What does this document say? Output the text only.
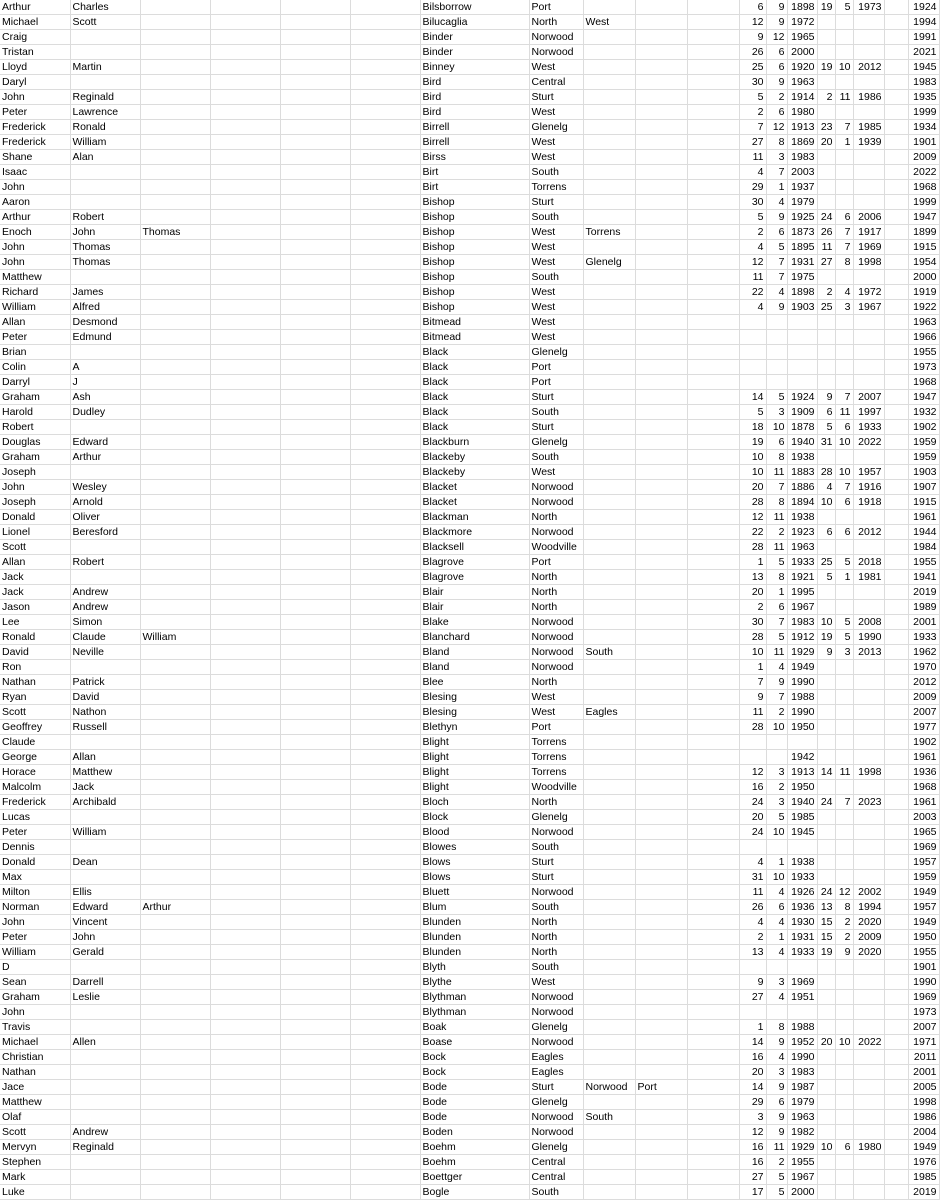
Arthur	Charles					Bilsborrow	Port				6	9	1898	19	5	1973		1924
Michael	Scott					Bilucaglia	North	West			12	9	1972					1994
Craig						Binder	Norwood				9	12	1965					1991
Tristan						Binder	Norwood				26	6	2000					2021
Lloyd	Martin					Binney	West				25	6	1920	19	10	2012		1945
Daryl						Bird	Central				30	9	1963					1983
John	Reginald					Bird	Sturt				5	2	1914	2	11	1986		1935
Peter	Lawrence					Bird	West				2	6	1980					1999
Frederick	Ronald					Birrell	Glenelg				7	12	1913	23	7	1985		1934
Frederick	William					Birrell	West				27	8	1869	20	1	1939		1901
Shane	Alan					Birss	West				11	3	1983					2009
Isaac						Birt	South				4	7	2003					2022
John						Birt	Torrens				29	1	1937					1968
Aaron						Bishop	Sturt				30	4	1979					1999
Arthur	Robert					Bishop	South				5	9	1925	24	6	2006		1947
Enoch	John	Thomas				Bishop	West	Torrens			2	6	1873	26	7	1917		1899
John	Thomas					Bishop	West				4	5	1895	11	7	1969		1915
John	Thomas					Bishop	West	Glenelg			12	7	1931	27	8	1998		1954
Matthew						Bishop	South				11	7	1975					2000
Richard	James					Bishop	West				22	4	1898	2	4	1972		1919
William	Alfred					Bishop	West				4	9	1903	25	3	1967		1922
Allan	Desmond					Bitmead	West											1963
Peter	Edmund					Bitmead	West											1966
Brian						Black	Glenelg											1955
Colin	A					Black	Port											1973
Darryl	J					Black	Port											1968
Graham	Ash					Black	Sturt				14	5	1924	9	7	2007		1947
Harold	Dudley					Black	South				5	3	1909	6	11	1997		1932
Robert						Black	Sturt				18	10	1878	5	6	1933		1902
Douglas	Edward					Blackburn	Glenelg				19	6	1940	31	10	2022		1959
Graham	Arthur					Blackeby	South				10	8	1938					1959
Joseph						Blackeby	West				10	11	1883	28	10	1957		1903
John	Wesley					Blacket	Norwood				20	7	1886	4	7	1916		1907
Joseph	Arnold					Blacket	Norwood				28	8	1894	10	6	1918		1915
Donald	Oliver					Blackman	North				12	11	1938					1961
Lionel	Beresford					Blackmore	Norwood				22	2	1923	6	6	2012		1944
Scott						Blacksell	Woodville				28	11	1963					1984
Allan	Robert					Blagrove	Port				1	5	1933	25	5	2018		1955
Jack						Blagrove	North				13	8	1921	5	1	1981		1941
Jack	Andrew					Blair	North				20	1	1995					2019
Jason	Andrew					Blair	North				2	6	1967					1989
Lee	Simon					Blake	Norwood				30	7	1983	10	5	2008		2001
Ronald	Claude	William				Blanchard	Norwood				28	5	1912	19	5	1990		1933
David	Neville					Bland	Norwood	South			10	11	1929	9	3	2013		1962
Ron						Bland	Norwood				1	4	1949					1970
Nathan	Patrick					Blee	North				7	9	1990					2012
Ryan	David					Blesing	West				9	7	1988					2009
Scott	Nathon					Blesing	West	Eagles			11	2	1990					2007
Geoffrey	Russell					Blethyn	Port				28	10	1950					1977
Claude						Blight	Torrens											1902
George	Allan					Blight	Torrens						1942					1961
Horace	Matthew					Blight	Torrens				12	3	1913	14	11	1998		1936
Malcolm	Jack					Blight	Woodville				16	2	1950					1968
Frederick	Archibald					Bloch	North				24	3	1940	24	7	2023		1961
Lucas						Block	Glenelg				20	5	1985					2003
Peter	William					Blood	Norwood				24	10	1945					1965
Dennis						Blowes	South											1969
Donald	Dean					Blows	Sturt				4	1	1938					1957
Max						Blows	Sturt				31	10	1933					1959
Milton	Ellis					Bluett	Norwood				11	4	1926	24	12	2002		1949
Norman	Edward	Arthur				Blum	South				26	6	1936	13	8	1994		1957
John	Vincent					Blunden	North				4	4	1930	15	2	2020		1949
Peter	John					Blunden	North				2	1	1931	15	2	2009		1950
William	Gerald					Blunden	North				13	4	1933	19	9	2020		1955
D						Blyth	South											1901
Sean	Darrell					Blythe	West				9	3	1969					1990
Graham	Leslie					Blythman	Norwood				27	4	1951					1969
John						Blythman	Norwood											1973
Travis						Boak	Glenelg				1	8	1988					2007
Michael	Allen					Boase	Norwood				14	9	1952	20	10	2022		1971
Christian						Bock	Eagles				16	4	1990					2011
Nathan						Bock	Eagles				20	3	1983					2001
Jace						Bode	Sturt	Norwood	Port		14	9	1987					2005
Matthew						Bode	Glenelg				29	6	1979					1998
Olaf						Bode	Norwood	South			3	9	1963					1986
Scott	Andrew					Boden	Norwood				12	9	1982					2004
Mervyn	Reginald					Boehm	Glenelg				16	11	1929	10	6	1980		1949
Stephen						Boehm	Central				16	2	1955					1976
Mark						Boettger	Central				27	5	1967					1985
Luke						Bogle	South				17	5	2000					2019
